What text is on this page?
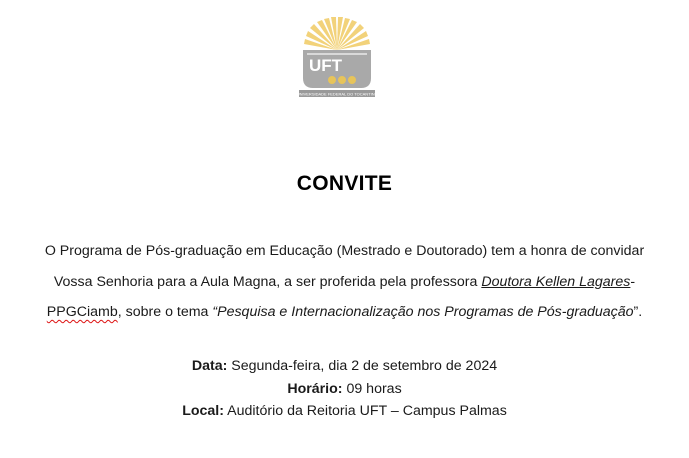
UFT
UNIVERSIDADE FEDERAL DO TOCANTINS
CONVITE
O Programa de Pós-graduação em Educação (Mestrado e Doutorado) tem a honra de convidar
Vossa Senhoria para a Aula Magna, a ser proferida pela professora Doutora Kellen Lagares-
PPGCiamb, sobre o tema “Pesquisa e Internacionalização nos Programas de Pós-graduação”.
Data: Segunda-feira, dia 2 de setembro de 2024
Horário: 09 horas
Local: Auditório da Reitoria UFT – Campus Palmas
